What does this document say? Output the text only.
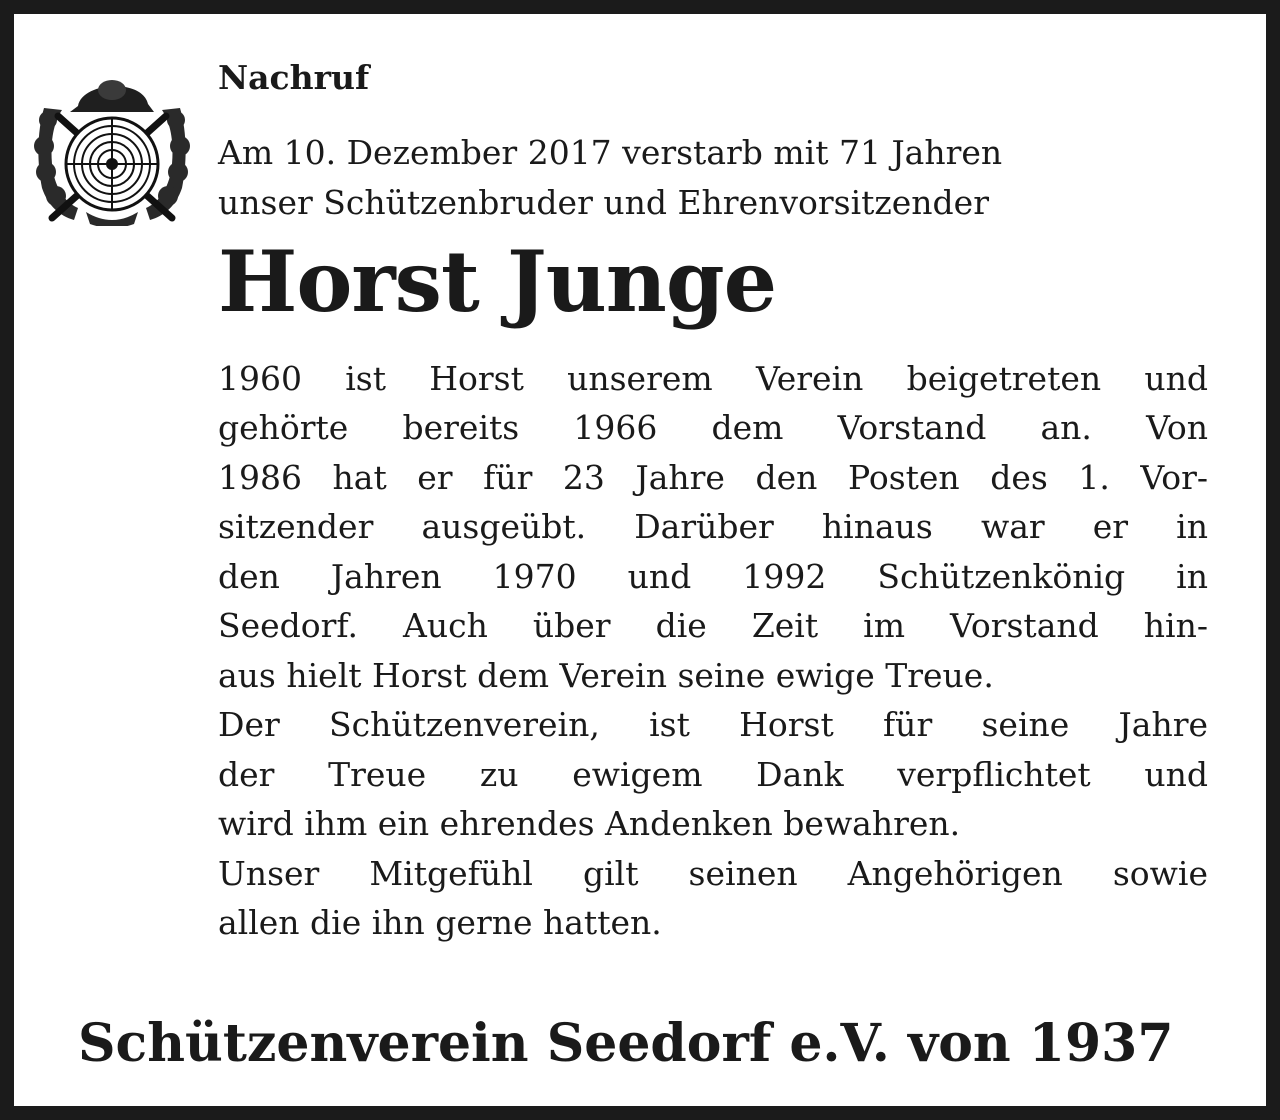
Nachruf
Am 10. Dezember 2017 verstarb mit 71 Jahren
unser Schützenbruder und Ehrenvorsitzender
Horst Junge
1960 ist Horst unserem Verein beigetreten und
gehörte bereits 1966 dem Vorstand an. Von
1986 hat er für 23 Jahre den Posten des 1. Vor-
sitzender ausgeübt. Darüber hinaus war er in
den Jahren 1970 und 1992 Schützenkönig in
Seedorf. Auch über die Zeit im Vorstand hin-
aus hielt Horst dem Verein seine ewige Treue.
Der Schützenverein, ist Horst für seine Jahre
der Treue zu ewigem Dank verpflichtet und
wird ihm ein ehrendes Andenken bewahren.
Unser Mitgefühl gilt seinen Angehörigen sowie
allen die ihn gerne hatten.
Schützenverein Seedorf e.V. von 1937
